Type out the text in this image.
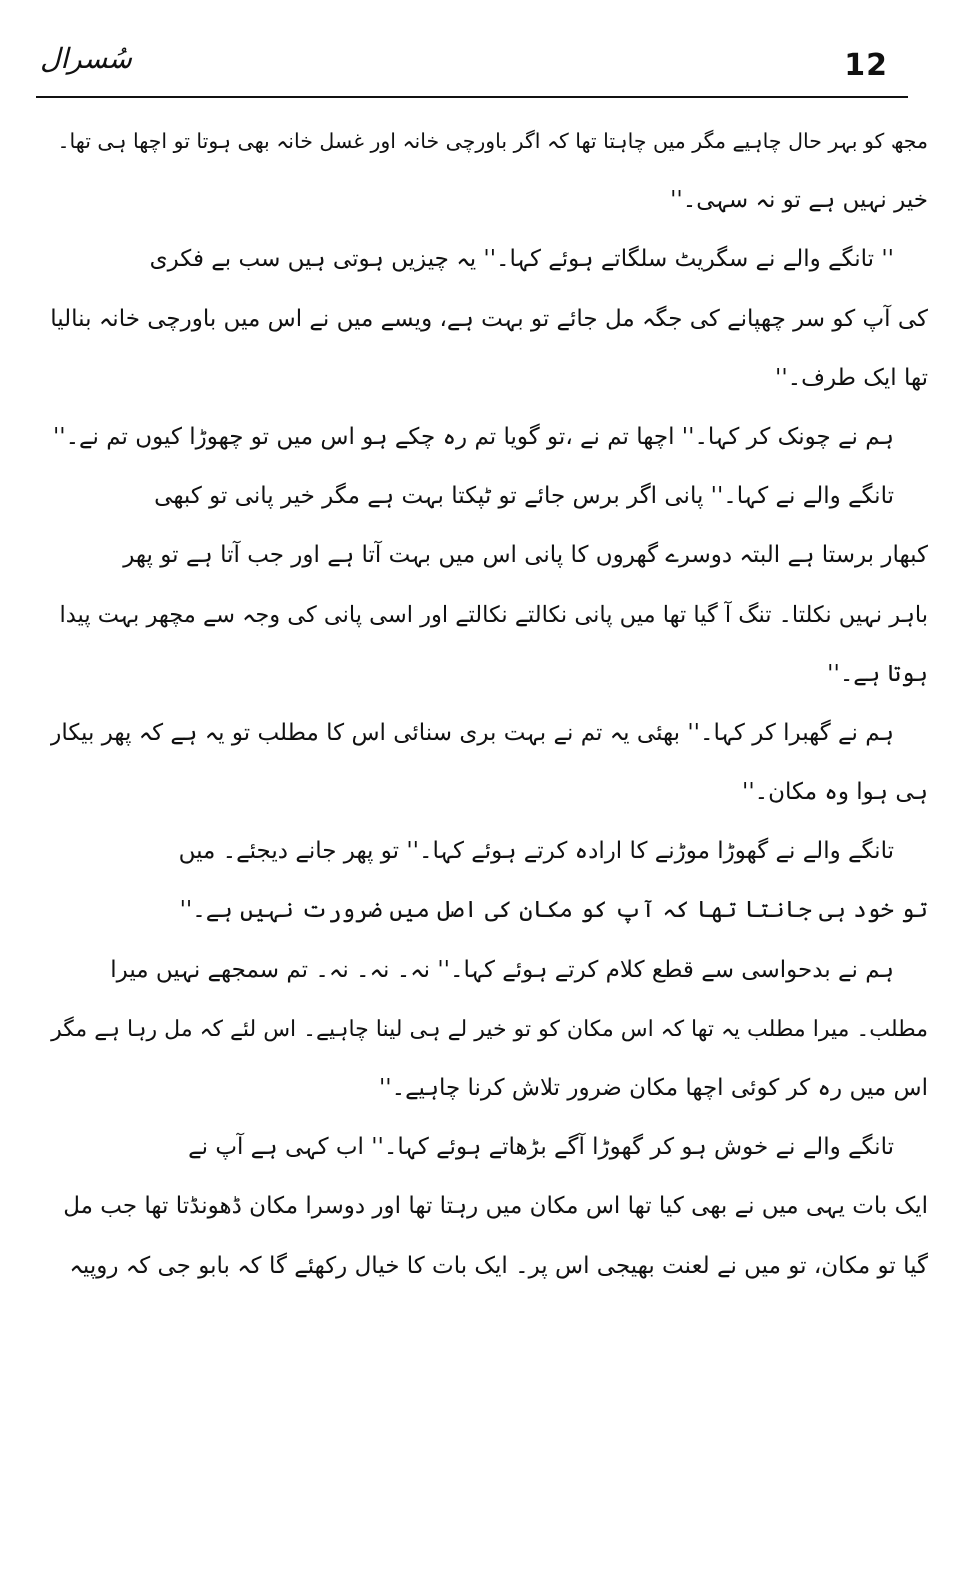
سُسرال	12
مجھ کو بہر حال چاہیے مگر میں چاہتا تھا کہ اگر باورچی خانہ اور غسل خانہ بھی ہوتا تو اچھا ہی تھا۔
خیر نہیں ہے تو نہ سہی۔''
'' تانگے والے نے سگریٹ سلگاتے ہوئے کہا۔'' یہ چیزیں ہوتی ہیں سب بے فکری
کی آپ کو سر چھپانے کی جگہ مل جائے تو بہت ہے، ویسے میں نے اس میں باورچی خانہ بنالیا
تھا ایک طرف۔''
ہم نے چونک کر کہا۔'' اچھا تم نے ،تو گویا تم رہ چکے ہو اس میں تو چھوڑا کیوں تم نے۔''
تانگے والے نے کہا۔'' پانی اگر برس جائے تو ٹپکتا بہت ہے مگر خیر پانی تو کبھی
کبھار برستا ہے البتہ دوسرے گھروں کا پانی اس میں بہت آتا ہے اور جب آتا ہے تو پھر
باہر نہیں نکلتا۔ تنگ آ گیا تھا میں پانی نکالتے نکالتے اور اسی پانی کی وجہ سے مچھر بہت پیدا
ہوتا ہے۔''
ہم نے گھبرا کر کہا۔'' بھئی یہ تم نے بہت بری سنائی اس کا مطلب تو یہ ہے کہ پھر بیکار
ہی ہوا وہ مکان۔''
تانگے والے نے گھوڑا موڑنے کا ارادہ کرتے ہوئے کہا۔'' تو پھر جانے دیجئے۔ میں
تو خود ہی جانتا تھا کہ آپ کو مکان کی اصل میں ضرورت نہیں ہے۔''
ہم نے بدحواسی سے قطع کلام کرتے ہوئے کہا۔'' نہ۔ نہ۔ نہ۔ تم سمجھے نہیں میرا
مطلب۔ میرا مطلب یہ تھا کہ اس مکان کو تو خیر لے ہی لینا چاہیے۔ اس لئے کہ مل رہا ہے مگر
اس میں رہ کر کوئی اچھا مکان ضرور تلاش کرنا چاہیے۔''
تانگے والے نے خوش ہو کر گھوڑا آگے بڑھاتے ہوئے کہا۔'' اب کہی ہے آپ نے
ایک بات یہی میں نے بھی کیا تھا اس مکان میں رہتا تھا اور دوسرا مکان ڈھونڈتا تھا جب مل
گیا تو مکان، تو میں نے لعنت بھیجی اس پر۔ ایک بات کا خیال رکھئے گا کہ بابو جی کہ روپیہ
